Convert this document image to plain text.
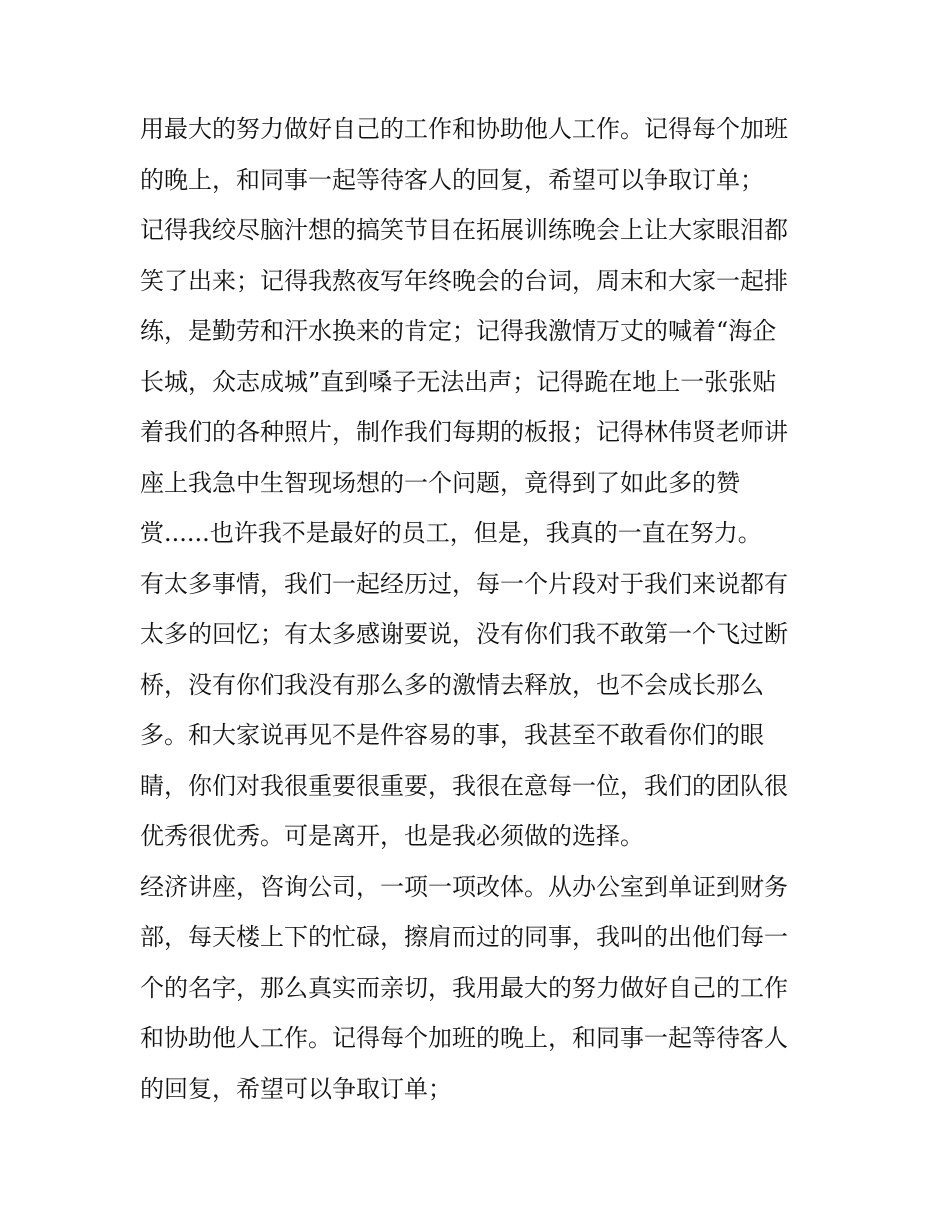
用最大的努力做好自己的工作和协助他人工作。记得每个加班
的晚上，和同事一起等待客人的回复，希望可以争取订单；
记得我绞尽脑汁想的搞笑节目在拓展训练晚会上让大家眼泪都
笑了出来；记得我熬夜写年终晚会的台词，周末和大家一起排
练，是勤劳和汗水换来的肯定；记得我激情万丈的喊着“海企
长城，众志成城”直到嗓子无法出声；记得跪在地上一张张贴
着我们的各种照片，制作我们每期的板报；记得林伟贤老师讲
座上我急中生智现场想的一个问题，竟得到了如此多的赞
赏......也许我不是最好的员工，但是，我真的一直在努力。
有太多事情，我们一起经历过，每一个片段对于我们来说都有
太多的回忆；有太多感谢要说，没有你们我不敢第一个飞过断
桥，没有你们我没有那么多的激情去释放，也不会成长那么
多。和大家说再见不是件容易的事，我甚至不敢看你们的眼
睛，你们对我很重要很重要，我很在意每一位，我们的团队很
优秀很优秀。可是离开，也是我必须做的选择。
经济讲座，咨询公司，一项一项改体。从办公室到单证到财务
部，每天楼上下的忙碌，擦肩而过的同事，我叫的出他们每一
个的名字，那么真实而亲切，我用最大的努力做好自己的工作
和协助他人工作。记得每个加班的晚上，和同事一起等待客人
的回复，希望可以争取订单；
